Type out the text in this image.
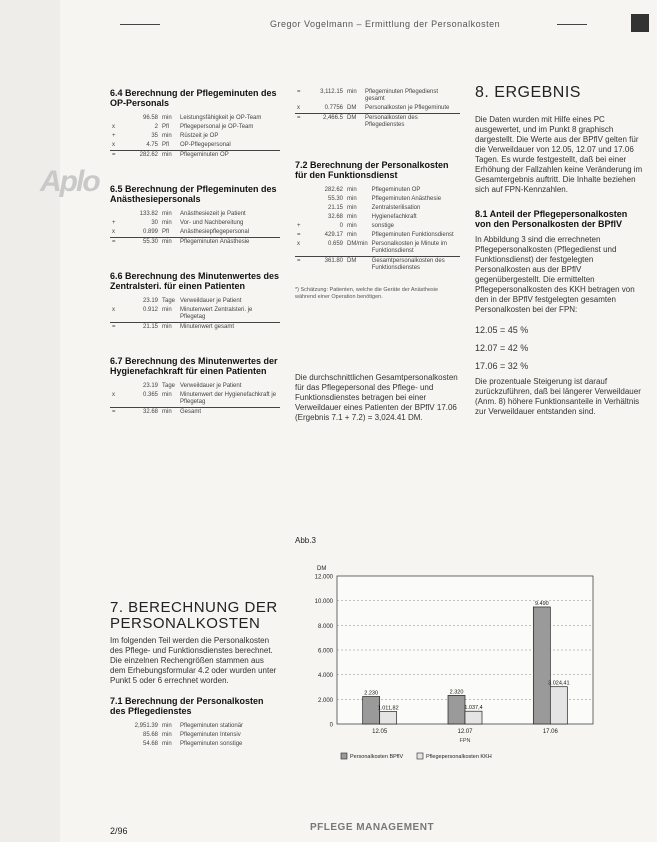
Aplo
Gregor Vogelmann – Ermittlung der Personalkosten
6.4 Berechnung der Pflegeminuten des OP-Personals
	96.58	min	Leistungsfähigkeit je OP-Team
x	2	Pfl	Pflegepersonal je OP-Team
+	35	min	Rüstzeit je OP
x	4.75	Pfl	OP-Pflegepersonal
=	282.62	min	Pflegeminuten OP
6.5 Berechnung der Pflegeminuten des Anästhesiepersonals
	133.82	min	Anästhesiezeit je Patient
+	30	min	Vor- und Nachbereitung
x	0.899	Pfl	Anästhesiepflegepersonal
=	55.30	min	Pflegeminuten Anästhesie
6.6 Berechnung des Minutenwertes des Zentralsteri. für einen Patienten
	23.19	Tage	Verweildauer je Patient
x	0.912	min	Minutenwert Zentralsteri. je Pflegetag
=	21.15	min	Minutenwert gesamt
6.7 Berechnung des Minutenwertes der Hygienefachkraft für einen Patienten
	23.19	Tage	Verweildauer je Patient
x	0.365	min	Minutenwert der Hygienefachkraft je Pflegetag
=	32.68	min	Gesamt
7. BERECHNUNG DER PERSONALKOSTEN
Im folgenden Teil werden die Personalkosten des Pflege- und Funktionsdienstes berechnet. Die einzelnen Rechengrößen stammen aus dem Erhebungsformular 4.2 oder wurden unter Punkt 5 oder 6 errechnet worden.
7.1 Berechnung der Personalkosten des Pflegedienstes
	2,951.39	min	Pflegeminuten stationär
	85.68	min	Pflegeminuten Intensiv
	54.68	min	Pflegeminuten sonstige
=	3,112.15	min	Pflegeminuten Pflegedienst gesamt
x	0.7756	DM	Personalkosten je Pflegeminute
=	2,466.5	DM	Personalkosten des Pflegedienstes
7.2 Berechnung der Personalkosten für den Funktionsdienst
	282.62	min	Pflegeminuten OP
	55.30	min	Pflegeminuten Anästhesie
	21.15	min	Zentralsterilisation
	32.68	min	Hygienefachkraft
+	0	min	sonstige
=	429.17	min	Pflegeminuten Funktionsdienst
x	0.659	DM/min	Personalkosten je Minute im Funktionsdienst
=	361.80	DM	Gesamtpersonalkosten des Funktionsdienstes
*) Schätzung: Patienten, welche die Geräte der Anästhesie während einer Operation benötigen.
Die durchschnittlichen Gesamtpersonalkosten für das Pflegepersonal des Pflege- und Funktionsdienstes betragen bei einer Verweildauer eines Patienten der BPflV 17.06 (Ergebnis 7.1 + 7.2) = 3,024.41 DM.
8. ERGEBNIS
Die Daten wurden mit Hilfe eines PC ausgewertet, und im Punkt 8 graphisch dargestellt. Die Werte aus der BPflV gelten für die Verweildauer von 12.05, 12.07 und 17.06 Tagen. Es wurde festgestellt, daß bei einer Erhöhung der Fallzahlen keine Veränderung im Gesamtergebnis auftritt. Die Inhalte beziehen sich auf FPN-Kennzahlen.
8.1 Anteil der Pflegepersonalkosten von den Personalkosten der BPflV
In Abbildung 3 sind die errechneten Pflegepersonalkosten (Pflegedienst und Funktionsdienst) der festgelegten Personalkosten aus der BPflV gegenübergestellt. Die ermittelten Pflegepersonalkosten des KKH betragen von den in der BPflV festgelegten gesamten Personalkosten bei der FPN:
12.05 = 45 %
12.07 = 42 %
17.06 = 32 %
Die prozentuale Steigerung ist darauf zurückzuführen, daß bei längerer Verweildauer (Anm. 8) höhere Funktionsanteile in Verhältnis zur Verweildauer entstanden sind.
Abb.3
0
2.000
4.000
6.000
8.000
10.000
12.000
DM
2.230
1.011,82
12.05
2.320
1.037,4
12.07
9.490
3.024,41
17.06
FPN
Personalkosten BPflV	Pflegepersonalkosten KKH
2/96	PFLEGE MANAGEMENT
